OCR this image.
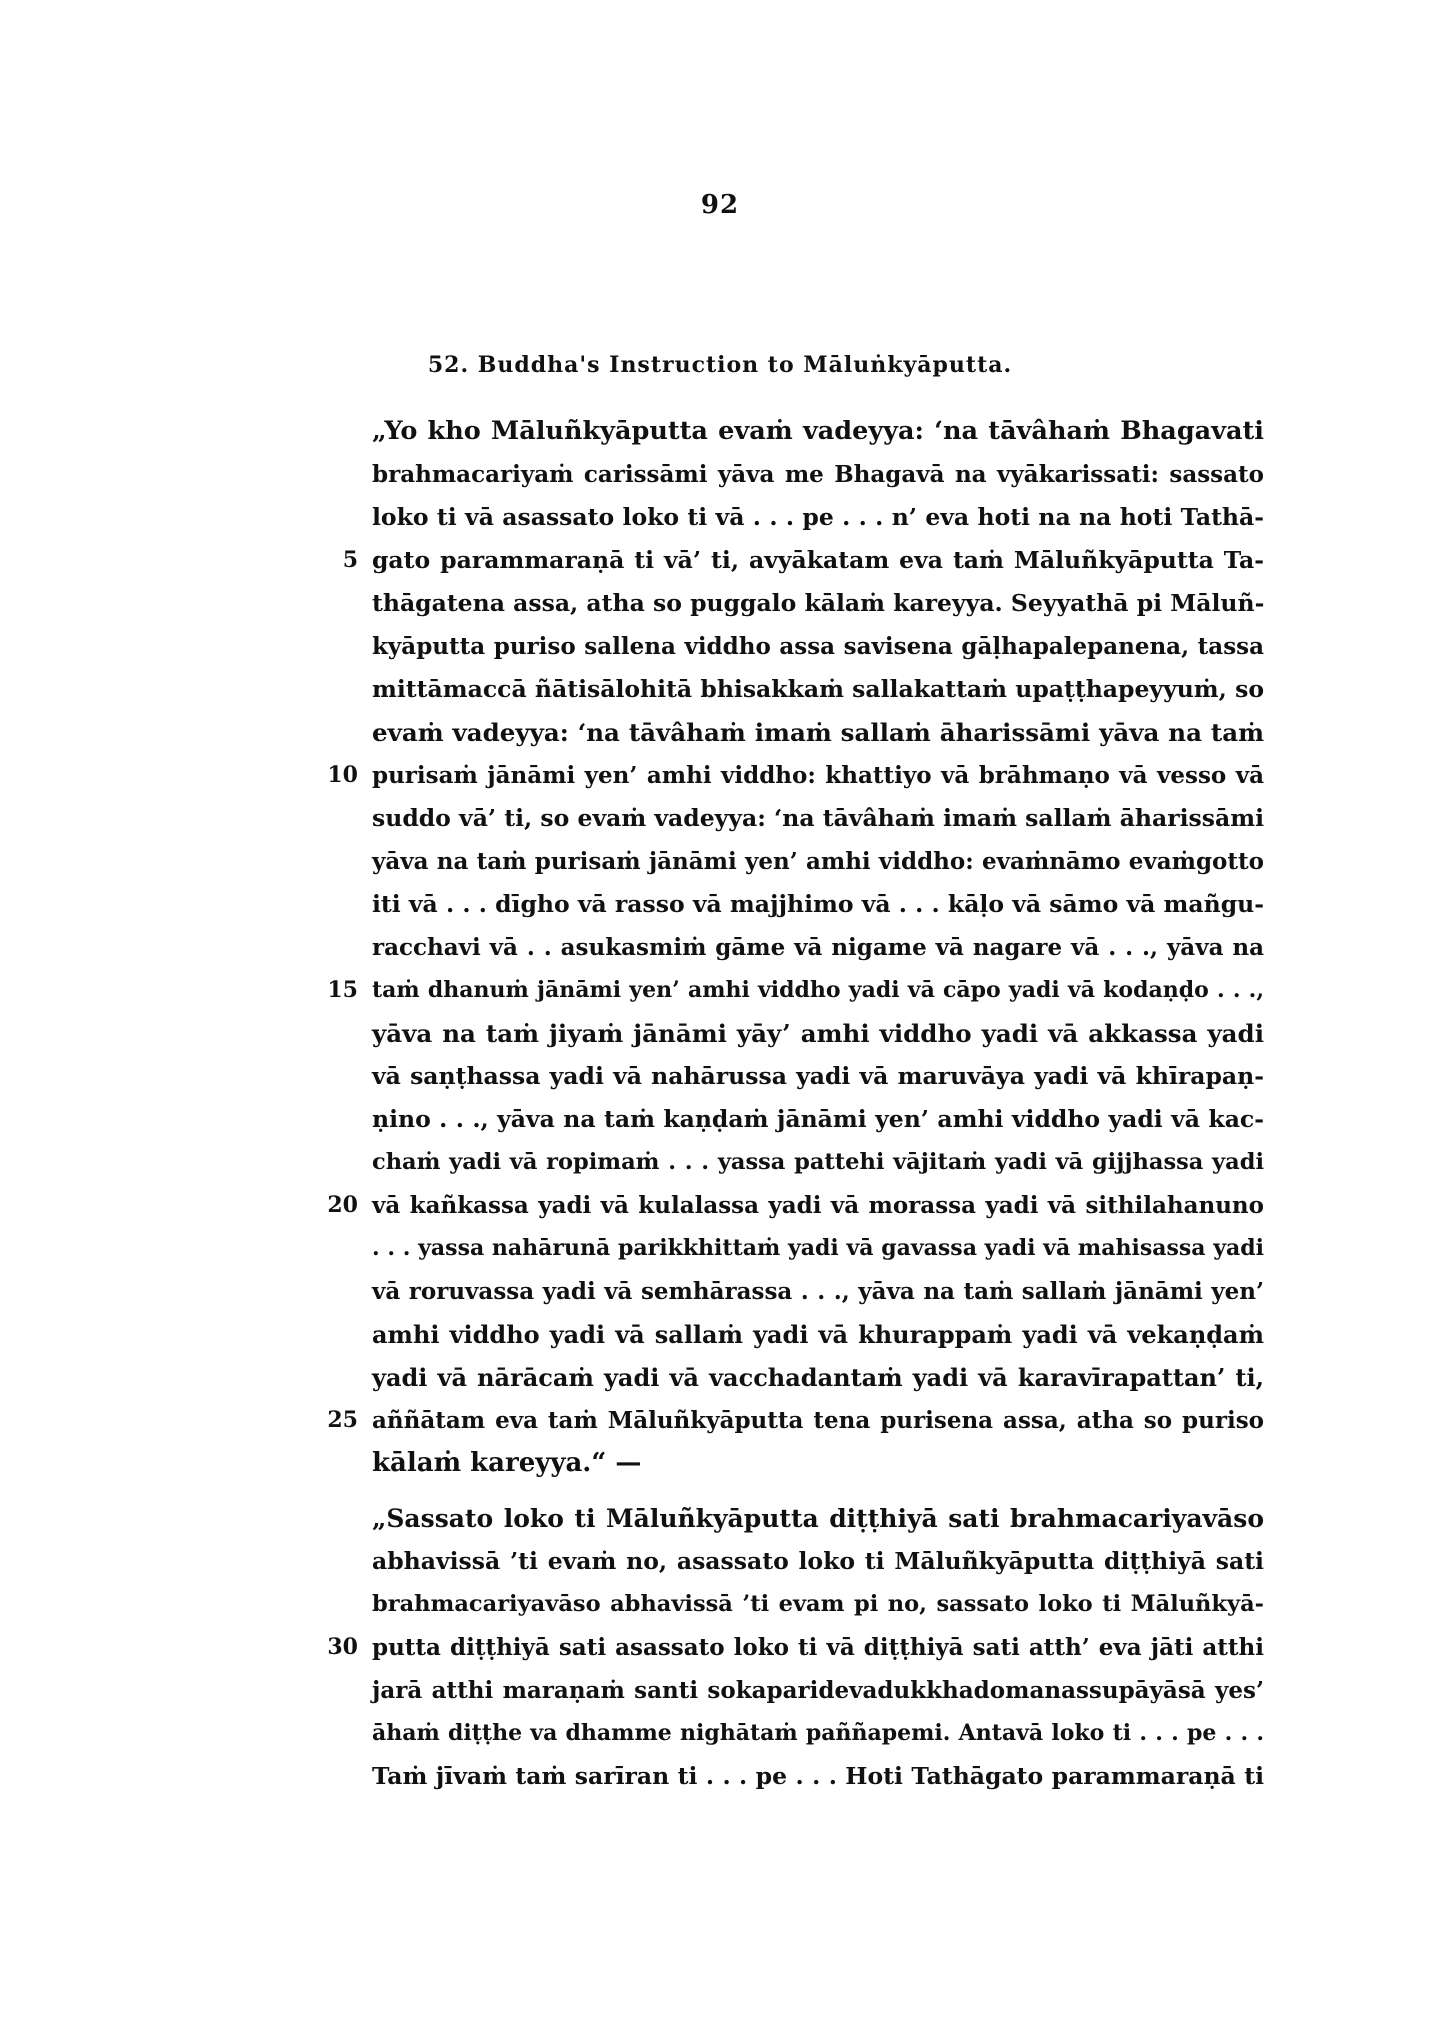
92
52. Buddha's Instruction to Māluṅkyāputta.
„Yo kho Māluñkyāputta evaṁ vadeyya: ‘na tāvâhaṁ Bhagavati
brahmacariyaṁ carissāmi yāva me Bhagavā na vyākarissati: sassato
loko ti vā asassato loko ti vā . . . pe . . . n’ eva hoti na na hoti Tathā-
5 gato parammaraṇā ti vā’ ti, avyākatam eva taṁ Māluñkyāputta Ta-
thāgatena assa, atha so puggalo kālaṁ kareyya. Seyyathā pi Māluñ-
kyāputta puriso sallena viddho assa savisena gāḷhapalepanena, tassa
mittāmaccā ñātisālohitā bhisakkaṁ sallakattaṁ upaṭṭhapeyyuṁ, so
evaṁ vadeyya: ‘na tāvâhaṁ imaṁ sallaṁ āharissāmi yāva na taṁ
10 purisaṁ jānāmi yen’ amhi viddho: khattiyo vā brāhmaṇo vā vesso vā
suddo vā’ ti, so evaṁ vadeyya: ‘na tāvâhaṁ imaṁ sallaṁ āharissāmi
yāva na taṁ purisaṁ jānāmi yen’ amhi viddho: evaṁnāmo evaṁgotto
iti vā . . . dīgho vā rasso vā majjhimo vā . . . kāḷo vā sāmo vā mañgu-
racchavi vā . . asukasmiṁ gāme vā nigame vā nagare vā . . ., yāva na
15 taṁ dhanuṁ jānāmi yen’ amhi viddho yadi vā cāpo yadi vā kodaṇḍo . . .,
yāva na taṁ jiyaṁ jānāmi yāy’ amhi viddho yadi vā akkassa yadi
vā saṇṭhassa yadi vā nahārussa yadi vā maruvāya yadi vā khīrapaṇ-
ṇino . . ., yāva na taṁ kaṇḍaṁ jānāmi yen’ amhi viddho yadi vā kac-
chaṁ yadi vā ropimaṁ . . . yassa pattehi vājitaṁ yadi vā gijjhassa yadi
20 vā kañkassa yadi vā kulalassa yadi vā morassa yadi vā sithilahanuno
. . . yassa nahārunā parikkhittaṁ yadi vā gavassa yadi vā mahisassa yadi
vā roruvassa yadi vā semhārassa . . ., yāva na taṁ sallaṁ jānāmi yen’
amhi viddho yadi vā sallaṁ yadi vā khurappaṁ yadi vā vekaṇḍaṁ
yadi vā nārācaṁ yadi vā vacchadantaṁ yadi vā karavīrapattan’ ti,
25 aññātam eva taṁ Māluñkyāputta tena purisena assa, atha so puriso
kālaṁ kareyya.“ —
„Sassato loko ti Māluñkyāputta diṭṭhiyā sati brahmacariyavāso
abhavissā ’ti evaṁ no, asassato loko ti Māluñkyāputta diṭṭhiyā sati
brahmacariyavāso abhavissā ’ti evam pi no, sassato loko ti Māluñkyā-
30 putta diṭṭhiyā sati asassato loko ti vā diṭṭhiyā sati atth’ eva jāti atthi
jarā atthi maraṇaṁ santi sokaparidevadukkhadomanassupāyāsā yes’
āhaṁ diṭṭhe va dhamme nighātaṁ paññapemi. Antavā loko ti . . . pe . . .
Taṁ jīvaṁ taṁ sarīran ti . . . pe . . . Hoti Tathāgato parammaraṇā ti
